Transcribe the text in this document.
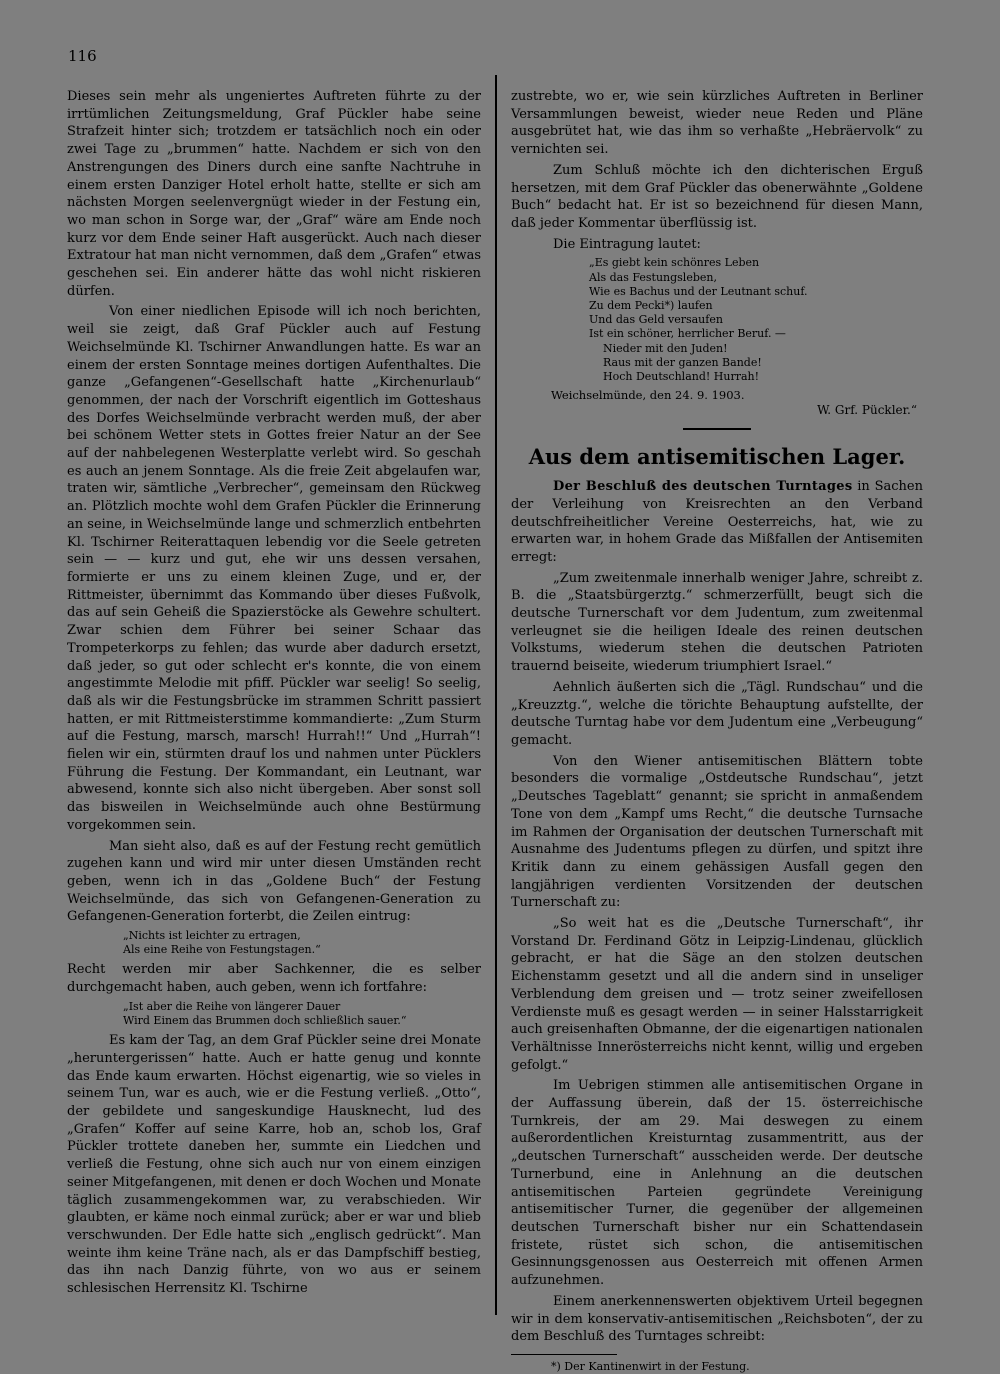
116

Dieses sein mehr als ungeniertes Auftreten führte zu der irrtümlichen Zeitungsmeldung, Graf Pückler habe seine Strafzeit hinter sich; trotzdem er tatsächlich noch ein oder zwei Tage zu „brummen“ hatte. Nachdem er sich von den Anstrengungen des Diners durch eine sanfte Nachtruhe in einem ersten Danziger Hotel erholt hatte, stellte er sich am nächsten Morgen seelenvergnügt wieder in der Festung ein, wo man schon in Sorge war, der „Graf“ wäre am Ende noch kurz vor dem Ende seiner Haft ausgerückt. Auch nach dieser Extratour hat man nicht vernommen, daß dem „Grafen“ etwas geschehen sei. Ein anderer hätte das wohl nicht riskieren dürfen.

Von einer niedlichen Episode will ich noch berichten, weil sie zeigt, daß Graf Pückler auch auf Festung Weichselmünde Kl. Tschirner Anwandlungen hatte. Es war an einem der ersten Sonntage meines dortigen Aufenthaltes. Die ganze „Gefangenen“-Gesellschaft hatte „Kirchenurlaub“ genommen, der nach der Vorschrift eigentlich im Gotteshaus des Dorfes Weichselmünde verbracht werden muß, der aber bei schönem Wetter stets in Gottes freier Natur an der See auf der nahbelegenen Westerplatte verlebt wird. So geschah es auch an jenem Sonntage. Als die freie Zeit abgelaufen war, traten wir, sämtliche „Verbrecher“, gemeinsam den Rückweg an. Plötzlich mochte wohl dem Grafen Pückler die Erinnerung an seine, in Weichselmünde lange und schmerzlich entbehrten Kl. Tschirner Reiterattaquen lebendig vor die Seele getreten sein — — kurz und gut, ehe wir uns dessen versahen, formierte er uns zu einem kleinen Zuge, und er, der Rittmeister, übernimmt das Kommando über dieses Fußvolk, das auf sein Geheiß die Spazierstöcke als Gewehre schultert. Zwar schien dem Führer bei seiner Schaar das Trompeterkorps zu fehlen; das wurde aber dadurch ersetzt, daß jeder, so gut oder schlecht er's konnte, die von einem angestimmte Melodie mit pfiff. Pückler war seelig! So seelig, daß als wir die Festungsbrücke im strammen Schritt passiert hatten, er mit Rittmeisterstimme kommandierte: „Zum Sturm auf die Festung, marsch, marsch! Hurrah!!“ Und „Hurrah“! fielen wir ein, stürmten drauf los und nahmen unter Pücklers Führung die Festung. Der Kommandant, ein Leutnant, war abwesend, konnte sich also nicht übergeben. Aber sonst soll das bisweilen in Weichselmünde auch ohne Bestürmung vorgekommen sein.

Man sieht also, daß es auf der Festung recht gemütlich zugehen kann und wird mir unter diesen Umständen recht geben, wenn ich in das „Goldene Buch“ der Festung Weichselmünde, das sich von Gefangenen-Generation zu Gefangenen-Generation forterbt, die Zeilen eintrug:

„Nichts ist leichter zu ertragen,
Als eine Reihe von Festungstagen.“

Recht werden mir aber Sachkenner, die es selber durchgemacht haben, auch geben, wenn ich fortfahre:

„Ist aber die Reihe von längerer Dauer
Wird Einem das Brummen doch schließlich sauer.“

Es kam der Tag, an dem Graf Pückler seine drei Monate „heruntergerissen“ hatte. Auch er hatte genug und konnte das Ende kaum erwarten. Höchst eigenartig, wie so vieles in seinem Tun, war es auch, wie er die Festung verließ. „Otto“, der gebildete und sangeskundige Hausknecht, lud des „Grafen“ Koffer auf seine Karre, hob an, schob los, Graf Pückler trottete daneben her, summte ein Liedchen und verließ die Festung, ohne sich auch nur von einem einzigen seiner Mitgefangenen, mit denen er doch Wochen und Monate täglich zusammengekommen war, zu verabschieden. Wir glaubten, er käme noch einmal zurück; aber er war und blieb verschwunden. Der Edle hatte sich „englisch gedrückt“. Man weinte ihm keine Träne nach, als er das Dampfschiff bestieg, das ihn nach Danzig führte, von wo aus er seinem schlesischen Herrensitz Kl. Tschirne

zustrebte, wo er, wie sein kürzliches Auftreten in Berliner Versammlungen beweist, wieder neue Reden und Pläne ausgebrütet hat, wie das ihm so verhaßte „Hebräervolk“ zu vernichten sei.

Zum Schluß möchte ich den dichterischen Erguß hersetzen, mit dem Graf Pückler das obenerwähnte „Goldene Buch“ bedacht hat. Er ist so bezeichnend für diesen Mann, daß jeder Kommentar überflüssig ist.

Die Eintragung lautet:

„Es giebt kein schönres Leben
Als das Festungsleben,
Wie es Bachus und der Leutnant schuf.
Zu dem Pecki*) laufen
Und das Geld versaufen
Ist ein schöner, herrlicher Beruf. —
Nieder mit den Juden!
Raus mit der ganzen Bande!
Hoch Deutschland! Hurrah!
Weichselmünde, den 24. 9. 1903.
W. Grf. Pückler.“
Aus dem antisemitischen Lager.

Der Beschluß des deutschen Turntages in Sachen der Verleihung von Kreisrechten an den Verband deutschfreiheitlicher Vereine Oesterreichs, hat, wie zu erwarten war, in hohem Grade das Mißfallen der Antisemiten erregt:

„Zum zweitenmale innerhalb weniger Jahre, schreibt z. B. die „Staatsbürgerztg.“ schmerzerfüllt, beugt sich die deutsche Turnerschaft vor dem Judentum, zum zweitenmal verleugnet sie die heiligen Ideale des reinen deutschen Volkstums, wiederum stehen die deutschen Patrioten trauernd beiseite, wiederum triumphiert Israel.“

Aehnlich äußerten sich die „Tägl. Rundschau“ und die „Kreuzztg.“, welche die törichte Behauptung aufstellte, der deutsche Turntag habe vor dem Judentum eine „Verbeugung“ gemacht.

Von den Wiener antisemitischen Blättern tobte besonders die vormalige „Ostdeutsche Rundschau“, jetzt „Deutsches Tageblatt“ genannt; sie spricht in anmaßendem Tone von dem „Kampf ums Recht,“ die deutsche Turnsache im Rahmen der Organisation der deutschen Turnerschaft mit Ausnahme des Judentums pflegen zu dürfen, und spitzt ihre Kritik dann zu einem gehässigen Ausfall gegen den langjährigen verdienten Vorsitzenden der deutschen Turnerschaft zu:

„So weit hat es die „Deutsche Turnerschaft“, ihr Vorstand Dr. Ferdinand Götz in Leipzig-Lindenau, glücklich gebracht, er hat die Säge an den stolzen deutschen Eichenstamm gesetzt und all die andern sind in unseliger Verblendung dem greisen und — trotz seiner zweifellosen Verdienste muß es gesagt werden — in seiner Halsstarrigkeit auch greisenhaften Obmanne, der die eigenartigen nationalen Verhältnisse Innerösterreichs nicht kennt, willig und ergeben gefolgt.“

Im Uebrigen stimmen alle antisemitischen Organe in der Auffassung überein, daß der 15. österreichische Turnkreis, der am 29. Mai deswegen zu einem außerordentlichen Kreisturntag zusammentritt, aus der „deutschen Turnerschaft“ ausscheiden werde. Der deutsche Turnerbund, eine in Anlehnung an die deutschen antisemitischen Parteien gegründete Vereinigung antisemitischer Turner, die gegenüber der allgemeinen deutschen Turnerschaft bisher nur ein Schattendasein fristete, rüstet sich schon, die antisemitischen Gesinnungsgenossen aus Oesterreich mit offenen Armen aufzunehmen.

Einem anerkennenswerten objektivem Urteil begegnen wir in dem konservativ-antisemitischen „Reichsboten“, der zu dem Beschluß des Turntages schreibt:

*) Der Kantinenwirt in der Festung.
